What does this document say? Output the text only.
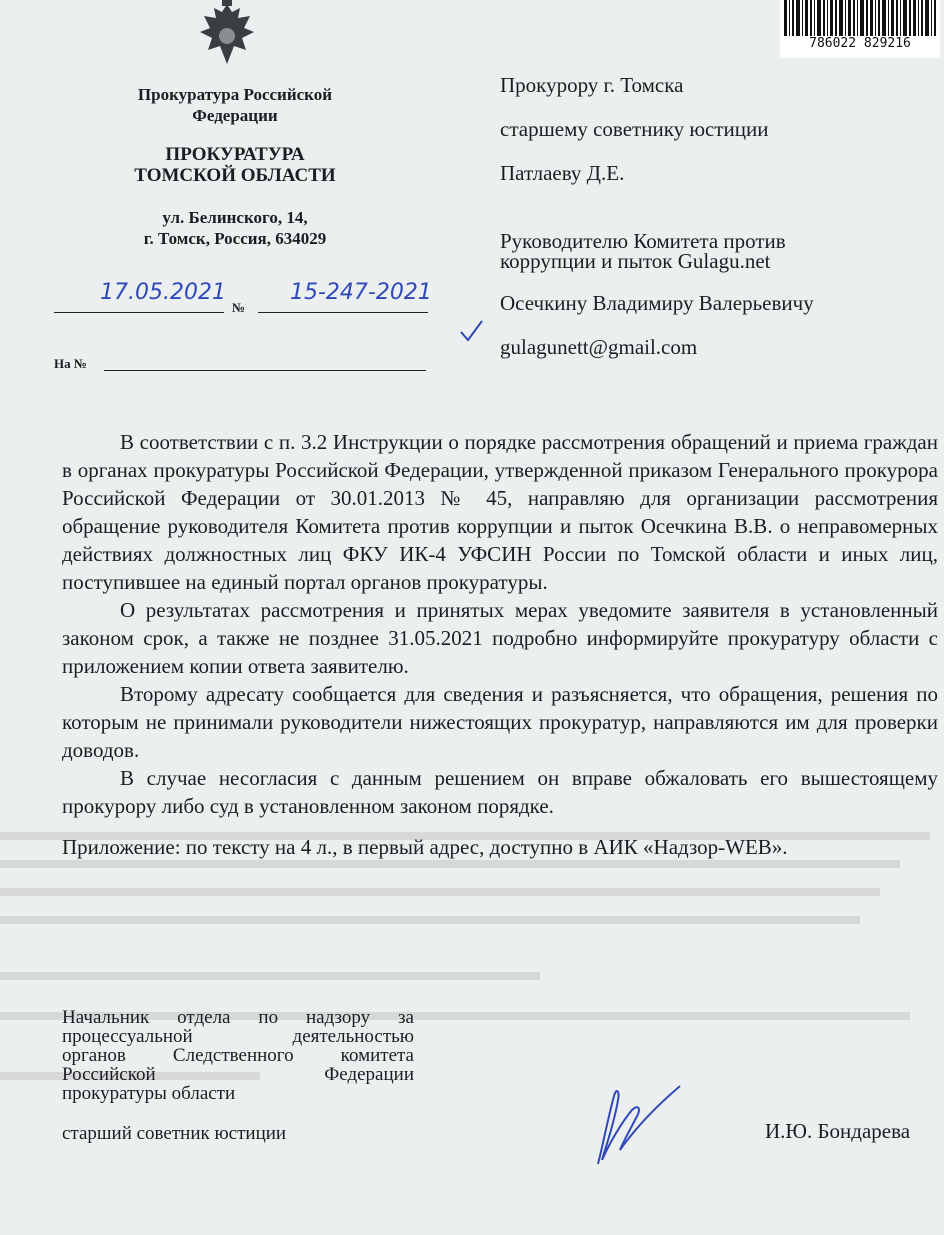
786022 829216
Прокуратура Российской
Федерации
ПРОКУРАТУРА
ТОМСКОЙ ОБЛАСТИ
ул. Белинского, 14,
г. Томск, Россия, 634029
17.05.2021
№
15-247-2021
На №
Прокурору г. Томска
старшему советнику юстиции
Патлаеву Д.Е.
Руководителю Комитета против
коррупции и пыток Gulagu.net
Осечкину Владимиру Валерьевичу
gulagunett@gmail.com

В соответствии с п. 3.2 Инструкции о порядке рассмотрения обращений и приема граждан в органах прокуратуры Российской Федерации, утвержденной приказом Генерального прокурора Российской Федерации от 30.01.2013 № 45, направляю для организации рассмотрения обращение руководителя Комитета против коррупции и пыток Осечкина В.В. о неправомерных действиях должностных лиц ФКУ ИК-4 УФСИН России по Томской области и иных лиц, поступившее на единый портал органов прокуратуры.

О результатах рассмотрения и принятых мерах уведомите заявителя в установленный законом срок, а также не позднее 31.05.2021 подробно информируйте прокуратуру области с приложением копии ответа заявителю.

Второму адресату сообщается для сведения и разъясняется, что обращения, решения по которым не принимали руководители нижестоящих прокуратур, направляются им для проверки доводов.

В случае несогласия с данным решением он вправе обжаловать его вышестоящему прокурору либо суд в установленном законом порядке.

Приложение: по тексту на 4 л., в первый адрес, доступно в АИК «Надзор-WEB».

Начальник отдела по надзору за
процессуальной	деятельностью
органов Следственного комитета
Российской	Федерации
прокуратуры области
старший советник юстиции	И.Ю. Бондарева
